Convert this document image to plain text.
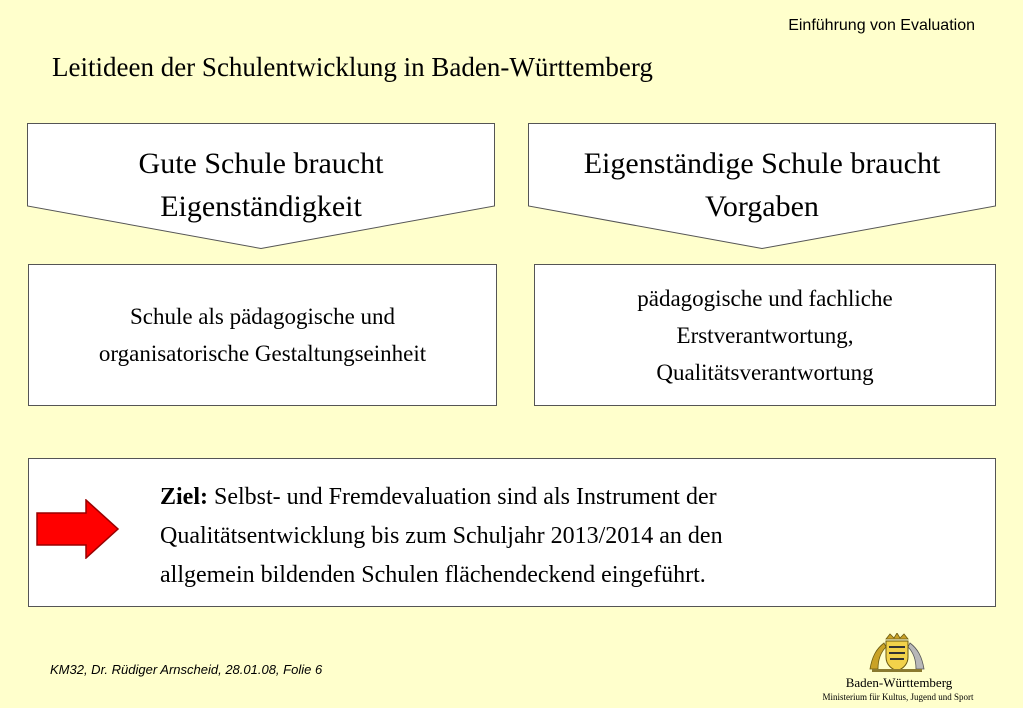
Einführung von Evaluation
Leitideen der Schulentwicklung in Baden-Württemberg
Gute Schule braucht
Eigenständigkeit
Eigenständige Schule braucht
Vorgaben
Schule als pädagogische und
organisatorische Gestaltungseinheit
pädagogische und fachliche
Erstverantwortung,
Qualitätsverantwortung
Ziel: Selbst- und Fremdevaluation sind als Instrument der
Qualitätsentwicklung bis zum Schuljahr 2013/2014 an den
allgemein bildenden Schulen flächendeckend eingeführt.
KM32, Dr. Rüdiger Arnscheid, 28.01.08, Folie 6
Baden-Württemberg
Ministerium für Kultus, Jugend und Sport
